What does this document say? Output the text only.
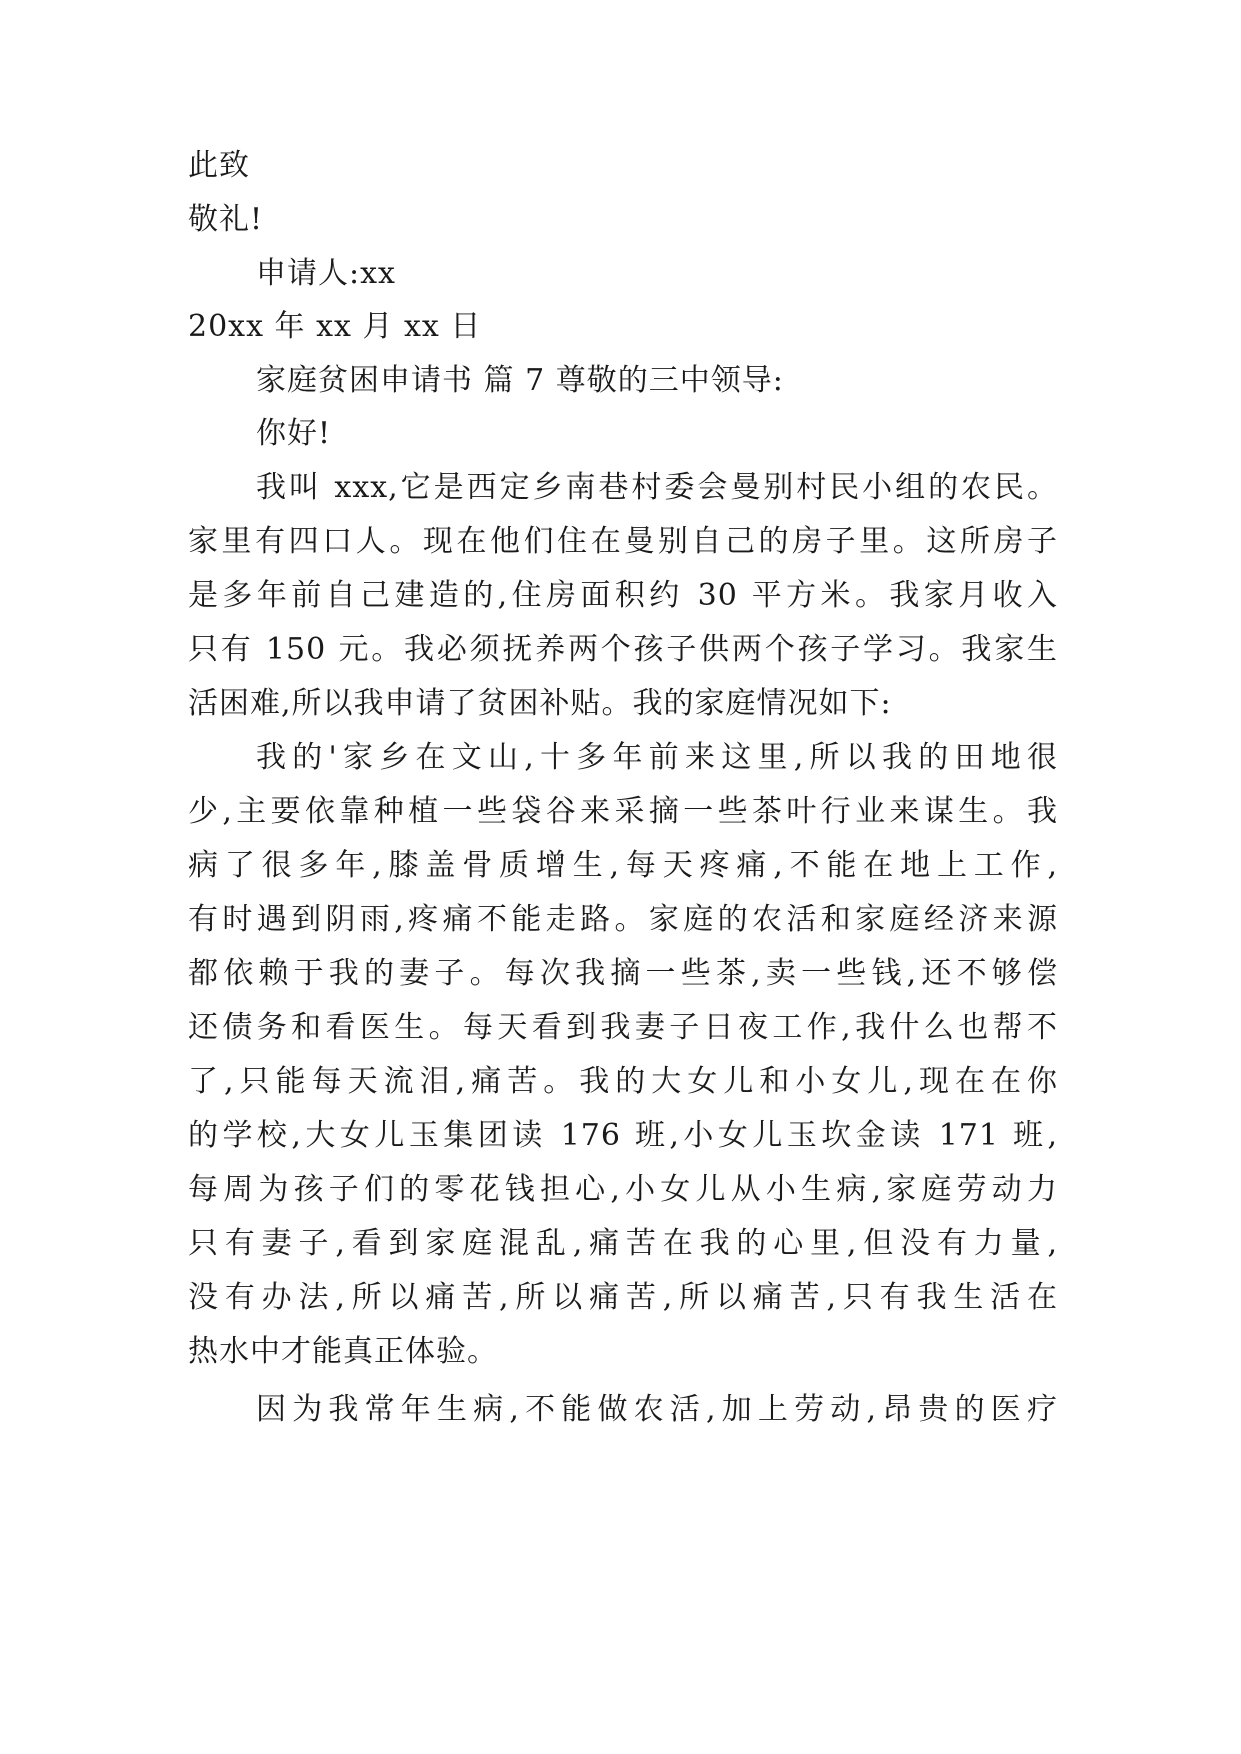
此致
敬礼!
申请人:xx
20xx 年 xx 月 xx 日
家庭贫困申请书 篇 7 尊敬的三中领导:
你好!
我叫 xxx,它是西定乡南巷村委会曼别村民小组的农民。
家里有四口人。现在他们住在曼别自己的房子里。这所房子
是多年前自己建造的,住房面积约 30 平方米。我家月收入
只有 150 元。我必须抚养两个孩子供两个孩子学习。我家生
活困难,所以我申请了贫困补贴。我的家庭情况如下:
我的'家乡在文山,十多年前来这里,所以我的田地很
少,主要依靠种植一些袋谷来采摘一些茶叶行业来谋生。我
病了很多年,膝盖骨质增生,每天疼痛,不能在地上工作,
有时遇到阴雨,疼痛不能走路。家庭的农活和家庭经济来源
都依赖于我的妻子。每次我摘一些茶,卖一些钱,还不够偿
还债务和看医生。每天看到我妻子日夜工作,我什么也帮不
了,只能每天流泪,痛苦。我的大女儿和小女儿,现在在你
的学校,大女儿玉集团读 176 班,小女儿玉坎金读 171 班,
每周为孩子们的零花钱担心,小女儿从小生病,家庭劳动力
只有妻子,看到家庭混乱,痛苦在我的心里,但没有力量,
没有办法,所以痛苦,所以痛苦,所以痛苦,只有我生活在
热水中才能真正体验。
因为我常年生病,不能做农活,加上劳动,昂贵的医疗
